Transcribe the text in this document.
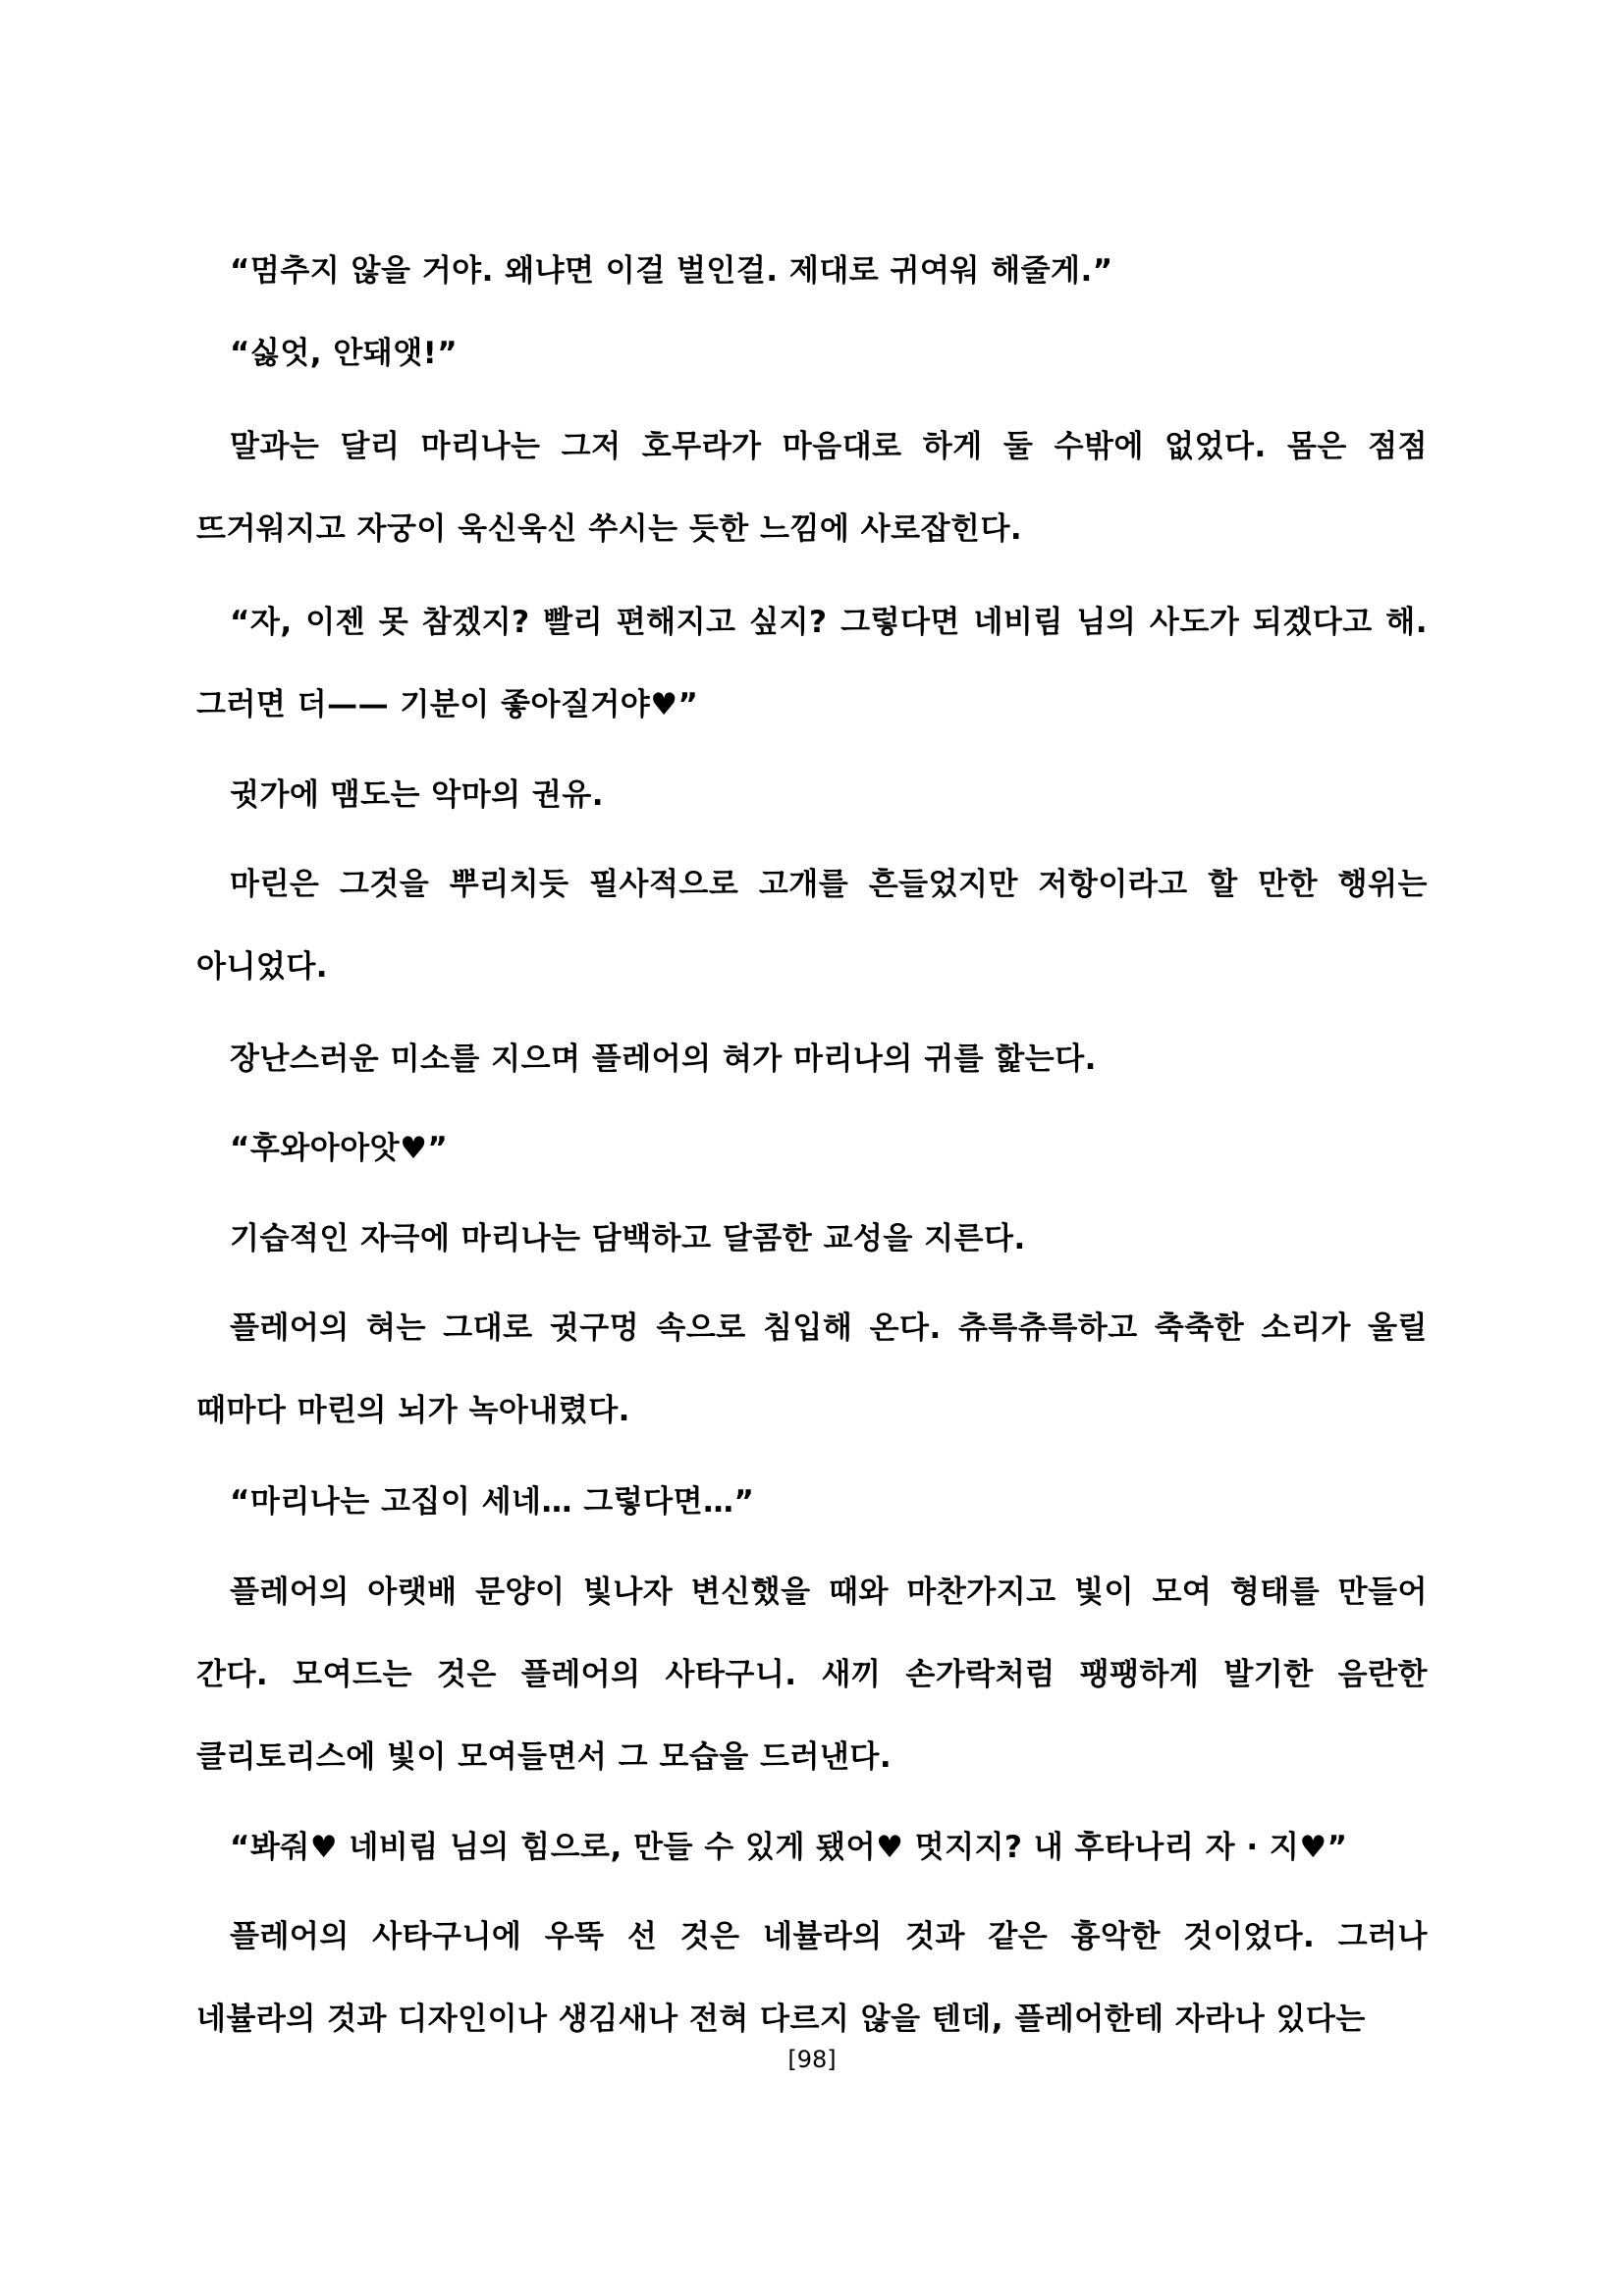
“멈추지 않을 거야. 왜냐면 이걸 벌인걸. 제대로 귀여워 해줄게.”

“싫엇, 안돼앳!”

말과는 달리 마리나는 그저 호무라가 마음대로 하게 둘 수밖에 없었다. 몸은 점점 뜨거워지고 자궁이 욱신욱신 쑤시는 듯한 느낌에 사로잡힌다.

“자, 이젠 못 참겠지? 빨리 편해지고 싶지? 그렇다면 네비림 님의 사도가 되겠다고 해. 그러면 더—— 기분이 좋아질거야♥”

귓가에 맴도는 악마의 권유.

마린은 그것을 뿌리치듯 필사적으로 고개를 흔들었지만 저항이라고 할 만한 행위는 아니었다.

장난스러운 미소를 지으며 플레어의 혀가 마리나의 귀를 핥는다.

“후와아아앗♥”

기습적인 자극에 마리나는 담백하고 달콤한 교성을 지른다.

플레어의 혀는 그대로 귓구멍 속으로 침입해 온다. 츄륵츄륵하고 축축한 소리가 울릴 때마다 마린의 뇌가 녹아내렸다.

“마리나는 고집이 세네… 그렇다면…”

플레어의 아랫배 문양이 빛나자 변신했을 때와 마찬가지고 빛이 모여 형태를 만들어 간다. 모여드는 것은 플레어의 사타구니. 새끼 손가락처럼 팽팽하게 발기한 음란한 클리토리스에 빛이 모여들면서 그 모습을 드러낸다.

“봐줘♥ 네비림 님의 힘으로, 만들 수 있게 됐어♥ 멋지지? 내 후타나리 자 · 지♥”

플레어의 사타구니에 우뚝 선 것은 네뷸라의 것과 같은 흉악한 것이었다. 그러나 네뷸라의 것과 디자인이나 생김새나 전혀 다르지 않을 텐데, 플레어한테 자라나 있다는

[98]
